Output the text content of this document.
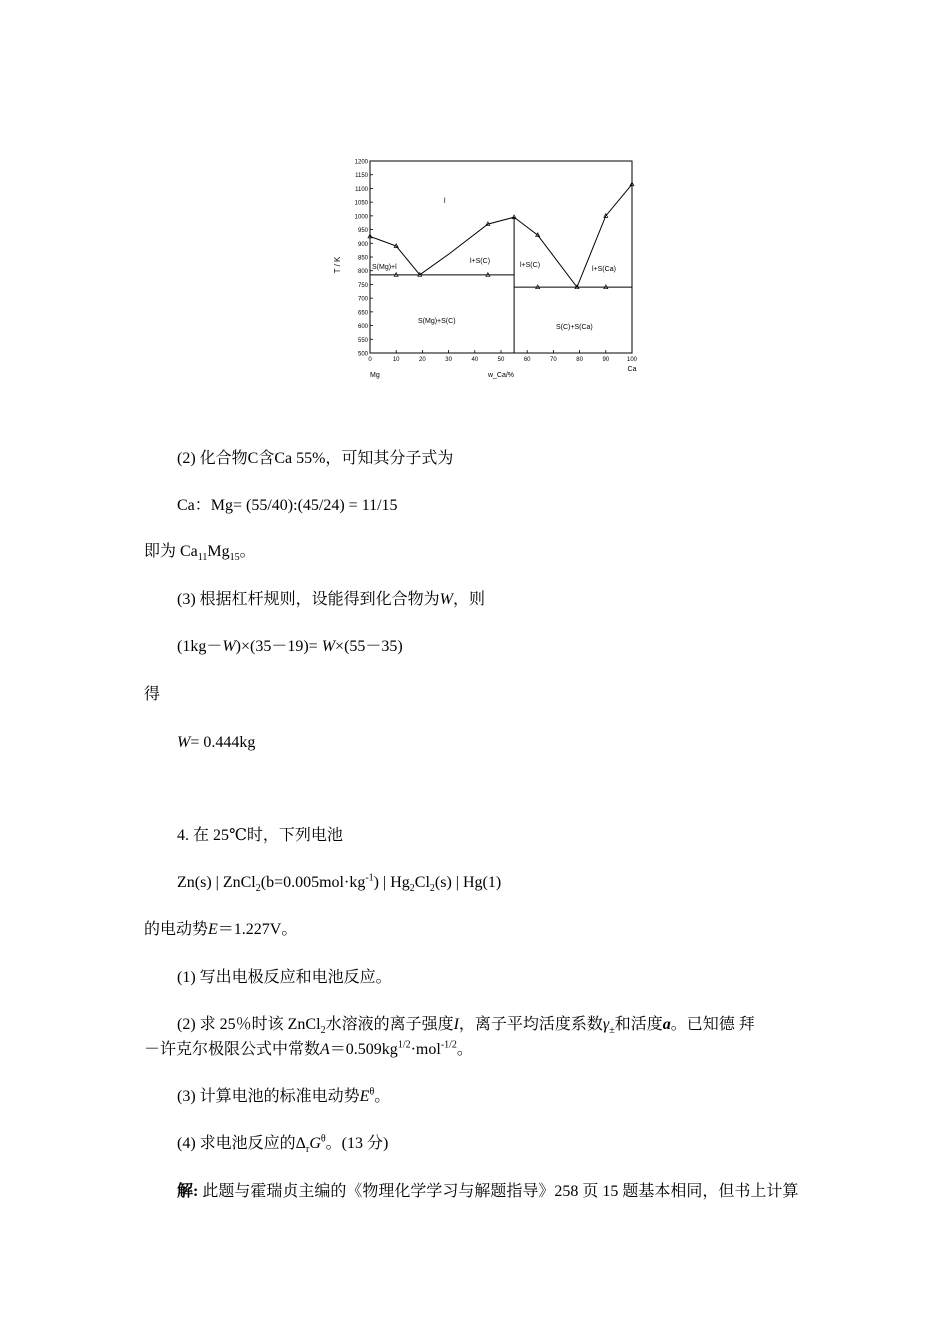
1200
1150
1100
1050
1000
950
900
850
800
750
700
650
600
550
500
0	10	20	30	40	50	60	70	80	90	100
T / K
w_Ca/%
Mg
Ca
l
S(Mg)+l
l+S(C)
l+S(C)
l+S(Ca)
S(Mg)+S(C)
S(C)+S(Ca)
(2) 化合物C含Ca 55%，可知其分子式为
Ca：Mg= (55/40):(45/24) = 11/15
即为 $Ca_{11}Mg_{15}$。
(3) 根据杠杆规则，设能得到化合物为W，则
(1kg－W)×(35－19)= W×(55－35)
得
W= 0.444kg
4. 在 25℃时，下列电池
Zn(s) | $ZnCl_2(b=0.005mol\cdot kg^{-1})$ | $Hg_2Cl_2(s)$ | Hg(1)
的电动势E＝1.227V。
(1) 写出电极反应和电池反应。
(2) 求 25％时该 ZnCl$_2$水溶液的离子强度I，离子平均活度系数$\gamma_\pm$和活度a。已知德 拜
－许克尔极限公式中常数$A=0.509kg^{1/2}\cdot mol^{-1/2}$。
(3) 计算电池的标准电动势$E^\theta$。
(4) 求电池反应的$\Delta_rG^\theta$。(13 分)
解: 此题与霍瑞贞主编的《物理化学学习与解题指导》258 页 15 题基本相同，但书上计算
